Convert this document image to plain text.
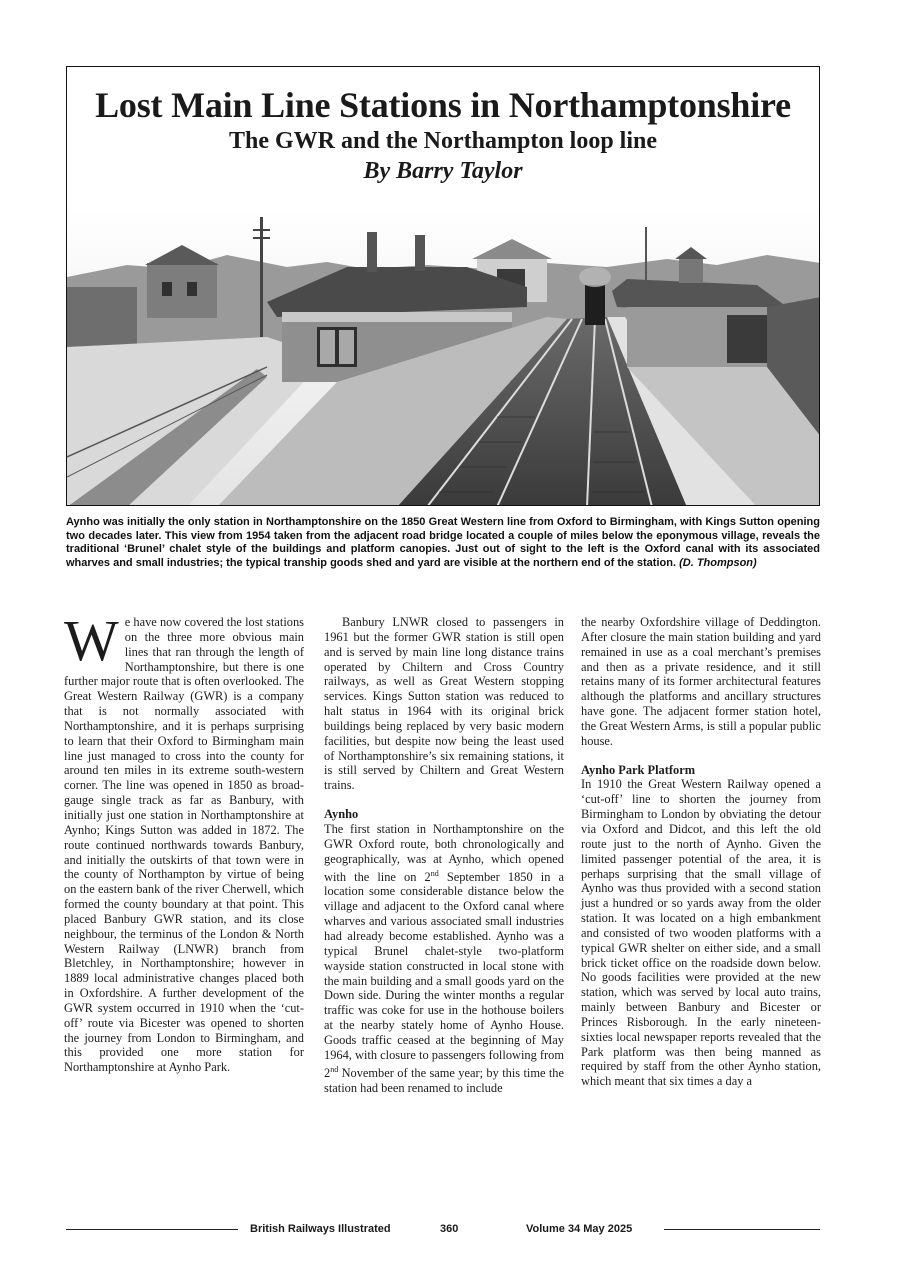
Lost Main Line Stations in Northamptonshire
The GWR and the Northampton loop line
By Barry Taylor
Aynho was initially the only station in Northamptonshire on the 1850 Great Western line from Oxford to Birmingham, with Kings Sutton opening two decades later. This view from 1954 taken from the adjacent road bridge located a couple of miles below the eponymous village, reveals the traditional ‘Brunel’ chalet style of the buildings and platform canopies. Just out of sight to the left is the Oxford canal with its associated wharves and small industries; the typical tranship goods shed and yard are visible at the northern end of the station. (D. Thompson)

We have now covered the lost stations on the three more obvious main lines that ran through the length of Northamptonshire, but there is one further major route that is often overlooked. The Great Western Railway (GWR) is a company that is not normally associated with Northamptonshire, and it is perhaps surprising to learn that their Oxford to Birmingham main line just managed to cross into the county for around ten miles in its extreme south-western corner. The line was opened in 1850 as broad-gauge single track as far as Banbury, with initially just one station in Northamptonshire at Aynho; Kings Sutton was added in 1872. The route continued northwards towards Banbury, and initially the outskirts of that town were in the county of Northampton by virtue of being on the eastern bank of the river Cherwell, which formed the county boundary at that point. This placed Banbury GWR station, and its close neighbour, the terminus of the London & North Western Railway (LNWR) branch from Bletchley, in Northamptonshire; however in 1889 local administrative changes placed both in Oxfordshire. A further development of the GWR system occurred in 1910 when the ‘cut-off’ route via Bicester was opened to shorten the journey from London to Birmingham, and this provided one more station for Northamptonshire at Aynho Park.

Banbury LNWR closed to passengers in 1961 but the former GWR station is still open and is served by main line long distance trains operated by Chiltern and Cross Country railways, as well as Great Western stopping services. Kings Sutton station was reduced to halt status in 1964 with its original brick buildings being replaced by very basic modern facilities, but despite now being the least used of Northamptonshire’s six remaining stations, it is still served by Chiltern and Great Western trains.

Aynho

The first station in Northamptonshire on the GWR Oxford route, both chronologically and geographically, was at Aynho, which opened with the line on 2nd September 1850 in a location some considerable distance below the village and adjacent to the Oxford canal where wharves and various associated small industries had already become established. Aynho was a typical Brunel chalet-style two-platform wayside station constructed in local stone with the main building and a small goods yard on the Down side. During the winter months a regular traffic was coke for use in the hothouse boilers at the nearby stately home of Aynho House. Goods traffic ceased at the beginning of May 1964, with closure to passengers following from 2nd November of the same year; by this time the station had been renamed to include

the nearby Oxfordshire village of Deddington. After closure the main station building and yard remained in use as a coal merchant’s premises and then as a private residence, and it still retains many of its former architectural features although the platforms and ancillary structures have gone. The adjacent former station hotel, the Great Western Arms, is still a popular public house.

Aynho Park Platform

In 1910 the Great Western Railway opened a ‘cut-off’ line to shorten the journey from Birmingham to London by obviating the detour via Oxford and Didcot, and this left the old route just to the north of Aynho. Given the limited passenger potential of the area, it is perhaps surprising that the small village of Aynho was thus provided with a second station just a hundred or so yards away from the older station. It was located on a high embankment and consisted of two wooden platforms with a typical GWR shelter on either side, and a small brick ticket office on the roadside down below. No goods facilities were provided at the new station, which was served by local auto trains, mainly between Banbury and Bicester or Princes Risborough. In the early nineteen-sixties local newspaper reports revealed that the Park platform was then being manned as required by staff from the other Aynho station, which meant that six times a day a

British Railways Illustrated	360	Volume 34 May 2025
